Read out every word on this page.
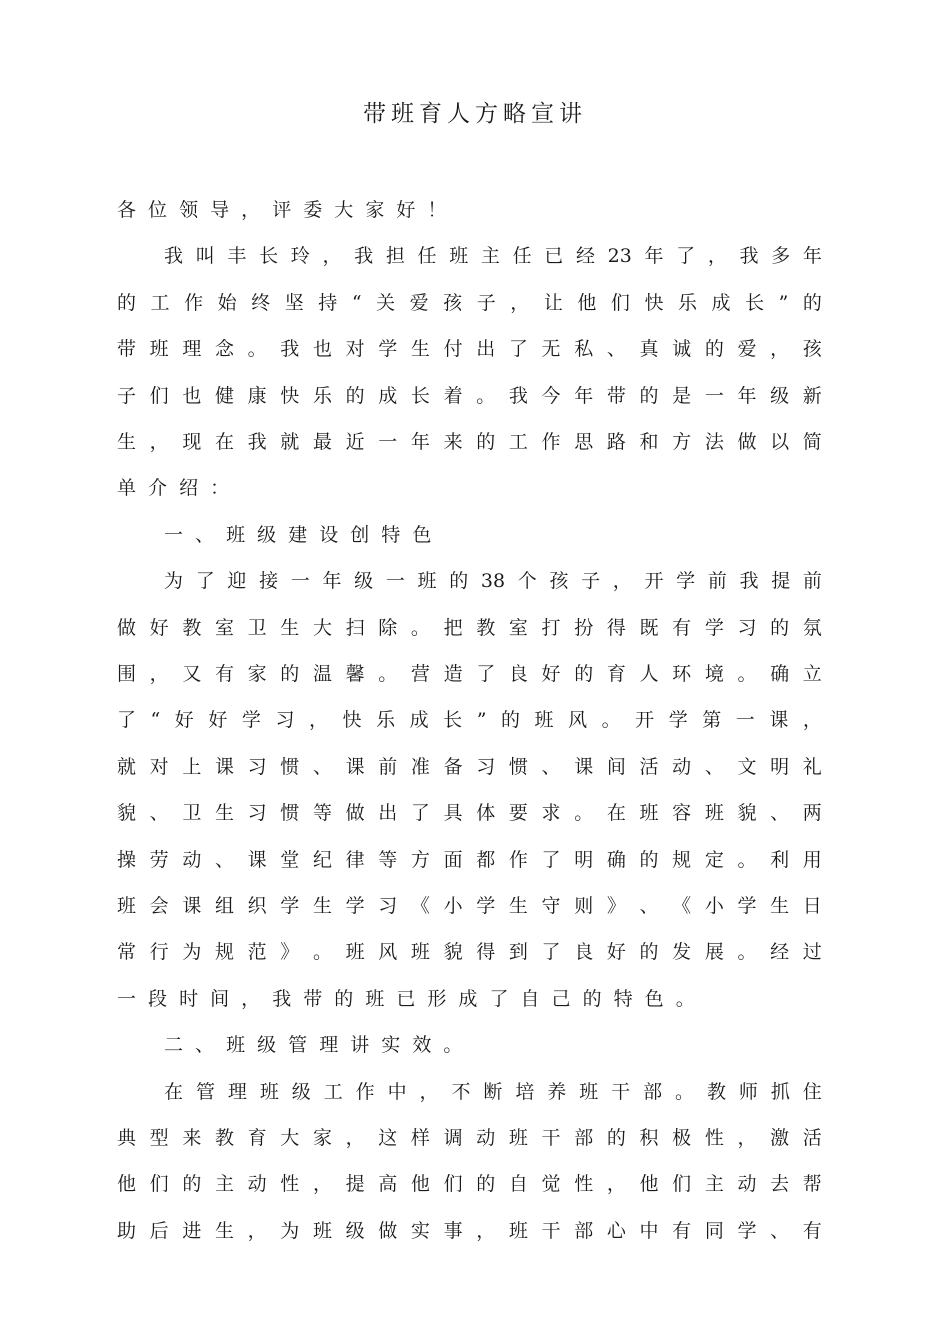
带班育人方略宣讲
各 位 领 导 ， 评 委 大 家 好 ！
我 叫 丰 长 玲 ， 我 担 任 班 主 任 已 经 23 年 了 ， 我 多 年
的 工 作 始 终 坚 持 “ 关 爱 孩 子 ， 让 他 们 快 乐 成 长 ” 的
带 班 理 念 。 我 也 对 学 生 付 出 了 无 私 、 真 诚 的 爱 ， 孩
子 们 也 健 康 快 乐 的 成 长 着 。 我 今 年 带 的 是 一 年 级 新
生 ， 现 在 我 就 最 近 一 年 来 的 工 作 思 路 和 方 法 做 以 简
单 介 绍 ：
一 、 班 级 建 设 创 特 色
为 了 迎 接 一 年 级 一 班 的 38 个 孩 子 ， 开 学 前 我 提 前
做 好 教 室 卫 生 大 扫 除 。 把 教 室 打 扮 得 既 有 学 习 的 氛
围 ， 又 有 家 的 温 馨 。 营 造 了 良 好 的 育 人 环 境 。 确 立
了 “ 好 好 学 习 ， 快 乐 成 长 ” 的 班 风 。 开 学 第 一 课 ，
就 对 上 课 习 惯 、 课 前 准 备 习 惯 、 课 间 活 动 、 文 明 礼
貌 、 卫 生 习 惯 等 做 出 了 具 体 要 求 。 在 班 容 班 貌 、 两
操 劳 动 、 课 堂 纪 律 等 方 面 都 作 了 明 确 的 规 定 。 利 用
班 会 课 组 织 学 生 学 习 《 小 学 生 守 则 》 、 《 小 学 生 日
常 行 为 规 范 》 。 班 风 班 貌 得 到 了 良 好 的 发 展 。 经 过
一 段 时 间 ， 我 带 的 班 已 形 成 了 自 己 的 特 色 。
二 、 班 级 管 理 讲 实 效 。
在 管 理 班 级 工 作 中 ， 不 断 培 养 班 干 部 。 教 师 抓 住
典 型 来 教 育 大 家 ， 这 样 调 动 班 干 部 的 积 极 性 ， 激 活
他 们 的 主 动 性 ， 提 高 他 们 的 自 觉 性 ， 他 们 主 动 去 帮
助 后 进 生 ， 为 班 级 做 实 事 ， 班 干 部 心 中 有 同 学 、 有
